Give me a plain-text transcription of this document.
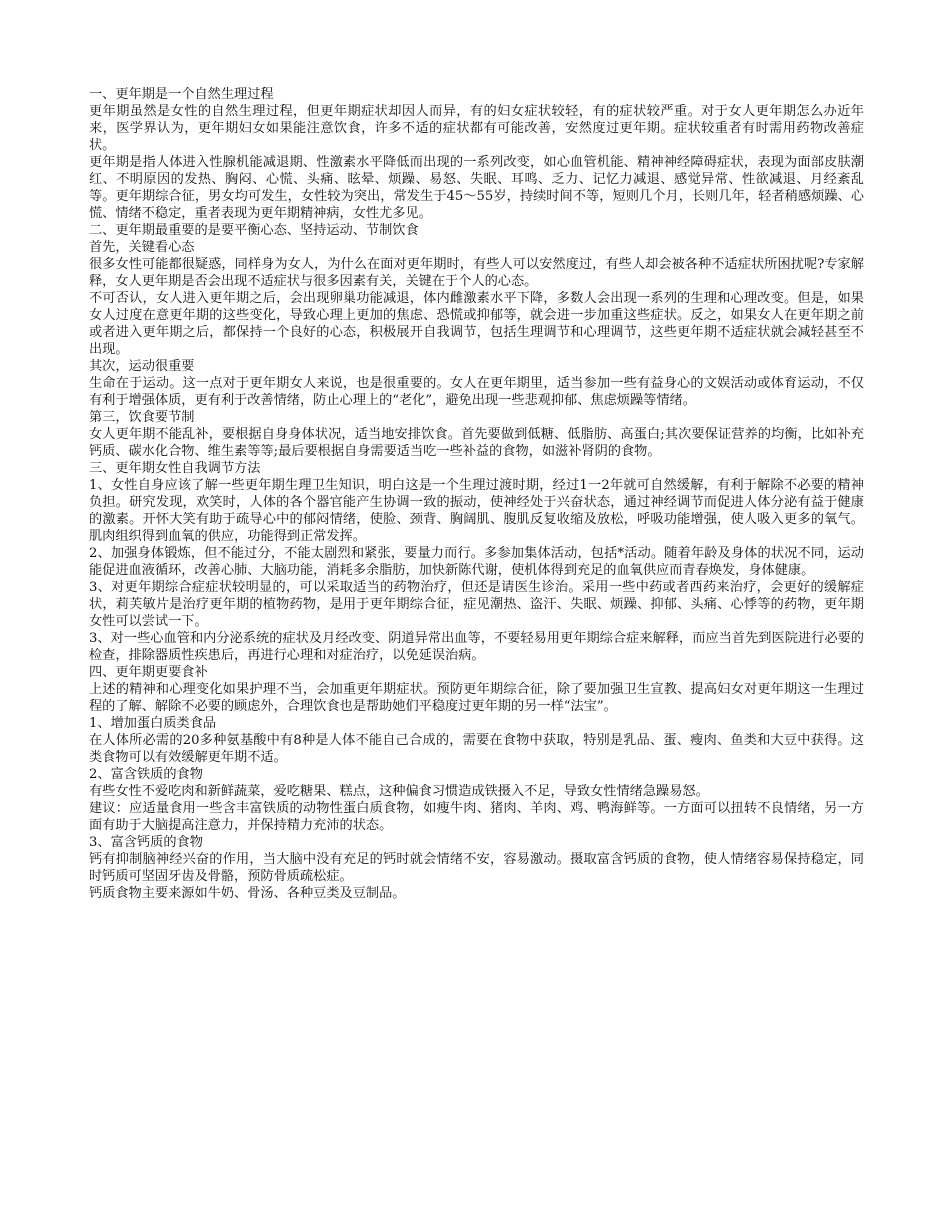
一、更年期是一个自然生理过程

更年期虽然是女性的自然生理过程，但更年期症状却因人而异，有的妇女症状较轻，有的症状较严重。对于女人更年期怎么办近年来，医学界认为，更年期妇女如果能注意饮食，许多不适的症状都有可能改善，安然度过更年期。症状较重者有时需用药物改善症状。

更年期是指人体进入性腺机能减退期、性激素水平降低而出现的一系列改变，如心血管机能、精神神经障碍症状，表现为面部皮肤潮红、不明原因的发热、胸闷、心慌、头痛、眩晕、烦躁、易怒、失眠、耳鸣、乏力、记忆力减退、感觉异常、性欲减退、月经紊乱等。更年期综合征，男女均可发生，女性较为突出，常发生于45～55岁，持续时间不等，短则几个月，长则几年，轻者稍感烦躁、心慌、情绪不稳定，重者表现为更年期精神病，女性尤多见。

二、更年期最重要的是要平衡心态、坚持运动、节制饮食

首先，关键看心态

很多女性可能都很疑惑，同样身为女人，为什么在面对更年期时，有些人可以安然度过，有些人却会被各种不适症状所困扰呢?专家解释，女人更年期是否会出现不适症状与很多因素有关，关键在于个人的心态。

不可否认，女人进入更年期之后，会出现卵巢功能减退，体内雌激素水平下降，多数人会出现一系列的生理和心理改变。但是，如果女人过度在意更年期的这些变化，导致心理上更加的焦虑、恐慌或抑郁等，就会进一步加重这些症状。反之，如果女人在更年期之前或者进入更年期之后，都保持一个良好的心态，积极展开自我调节，包括生理调节和心理调节，这些更年期不适症状就会减轻甚至不出现。

其次，运动很重要

生命在于运动。这一点对于更年期女人来说，也是很重要的。女人在更年期里，适当参加一些有益身心的文娱活动或体育运动，不仅有利于增强体质，更有利于改善情绪，防止心理上的“老化”，避免出现一些悲观抑郁、焦虑烦躁等情绪。

第三，饮食要节制

女人更年期不能乱补，要根据自身身体状况，适当地安排饮食。首先要做到低糖、低脂肪、高蛋白;其次要保证营养的均衡，比如补充钙质、碳水化合物、维生素等等;最后要根据自身需要适当吃一些补益的食物，如滋补肾阴的食物。

三、更年期女性自我调节方法

1、女性自身应该了解一些更年期生理卫生知识，明白这是一个生理过渡时期，经过1一2年就可自然缓解，有利于解除不必要的精神负担。研究发现，欢笑时，人体的各个器官能产生协调一致的振动，使神经处于兴奋状态，通过神经调节而促进人体分泌有益于健康的激素。开怀大笑有助于疏导心中的郁闷情绪，使脸、颈背、胸阔肌、腹肌反复收缩及放松，呼吸功能增强，使人吸入更多的氧气。肌肉组织得到血氧的供应，功能得到正常发挥。

2、加强身体锻炼，但不能过分，不能太剧烈和紧张，要量力而行。多参加集体活动，包括*活动。随着年龄及身体的状况不同，运动能促进血液循环，改善心肺、大脑功能，消耗多余脂肪，加快新陈代谢，使机体得到充足的血氧供应而青春焕发，身体健康。

3、对更年期综合症症状较明显的，可以采取适当的药物治疗，但还是请医生诊治。采用一些中药或者西药来治疗，会更好的缓解症状，莉芙敏片是治疗更年期的植物药物，是用于更年期综合征，症见潮热、盗汗、失眠、烦躁、抑郁、头痛、心悸等的药物，更年期女性可以尝试一下。

3、对一些心血管和内分泌系统的症状及月经改变、阴道异常出血等，不要轻易用更年期综合症来解释，而应当首先到医院进行必要的检查，排除器质性疾患后，再进行心理和对症治疗，以免延误治病。

四、更年期更要食补

上述的精神和心理变化如果护理不当，会加重更年期症状。预防更年期综合征，除了要加强卫生宣教、提高妇女对更年期这一生理过程的了解、解除不必要的顾虑外，合理饮食也是帮助她们平稳度过更年期的另一样“法宝”。

1、增加蛋白质类食品

在人体所必需的20多种氨基酸中有8种是人体不能自己合成的，需要在食物中获取，特别是乳品、蛋、瘦肉、鱼类和大豆中获得。这类食物可以有效缓解更年期不适。

2、富含铁质的食物

有些女性不爱吃肉和新鲜蔬菜，爱吃糖果、糕点，这种偏食习惯造成铁摄入不足，导致女性情绪急躁易怒。

建议：应适量食用一些含丰富铁质的动物性蛋白质食物，如瘦牛肉、猪肉、羊肉、鸡、鸭海鲜等。一方面可以扭转不良情绪，另一方面有助于大脑提高注意力，并保持精力充沛的状态。

3、富含钙质的食物

钙有抑制脑神经兴奋的作用，当大脑中没有充足的钙时就会情绪不安，容易激动。摄取富含钙质的食物，使人情绪容易保持稳定，同时钙质可坚固牙齿及骨骼，预防骨质疏松症。

钙质食物主要来源如牛奶、骨汤、各种豆类及豆制品。
